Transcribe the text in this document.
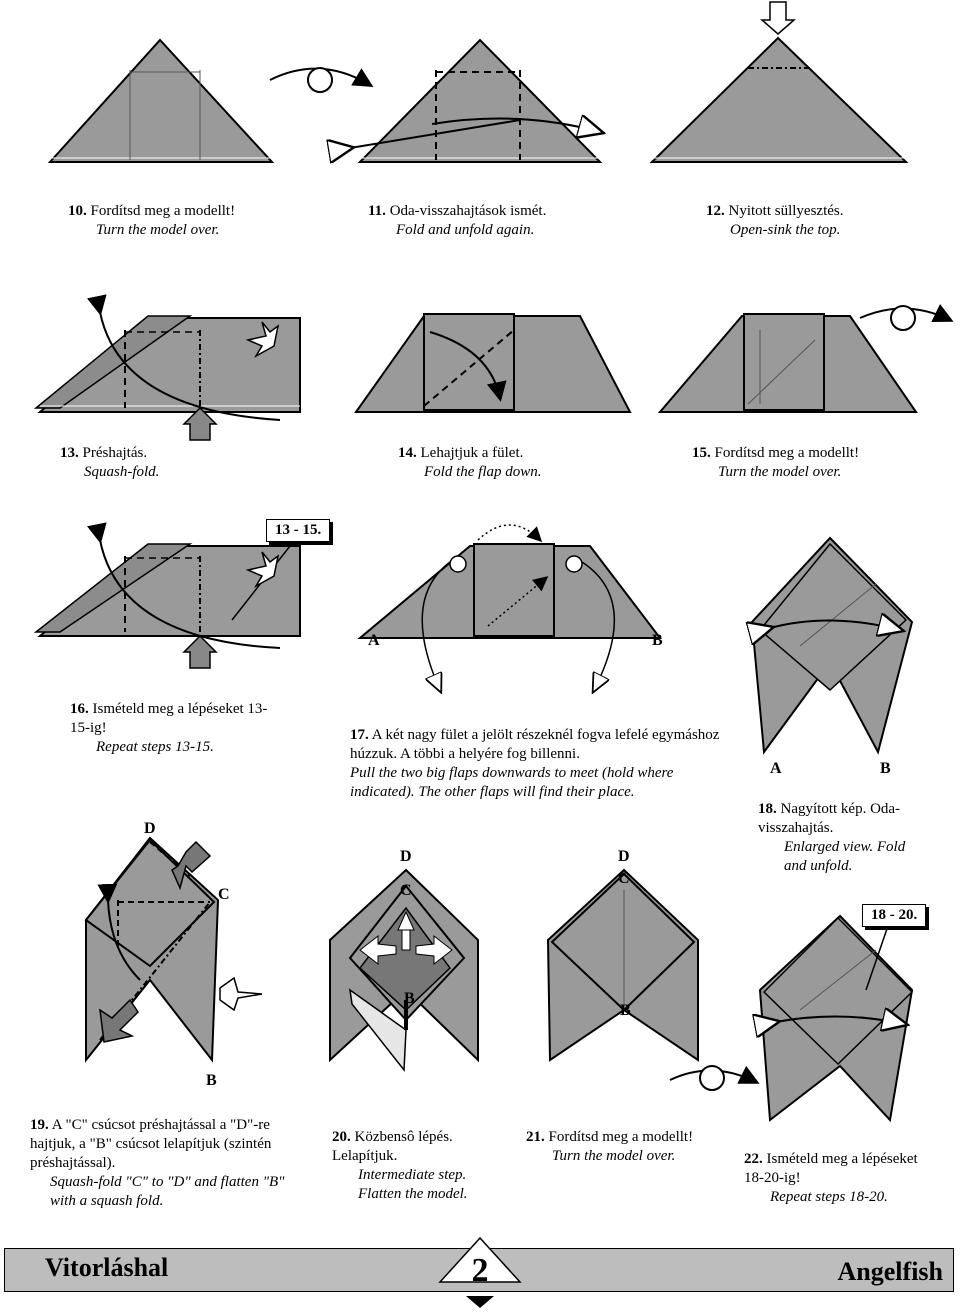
10. Fordítsd meg a modellt!
Turn the model over.
11. Oda-visszahajtások ismét.
Fold and unfold again.
12. Nyitott süllyesztés.
Open-sink the top.
13. Préshajtás.
Squash-fold.
14. Lehajtjuk a fület.
Fold the flap down.
15. Fordítsd meg a modellt!
Turn the model over.
13 - 15.
16. Ismételd meg a lépéseket 13-15-ig!
Repeat steps 13-15.
17. A két nagy fület a jelölt részeknél fogva lefelé egymáshoz húzzuk. A többi a helyére fog billenni.
Pull the two big flaps downwards to meet (hold where indicated). The other flaps will find their place.
18. Nagyított kép. Oda-visszahajtás.
Enlarged view. Fold and unfold.
18 - 20.
19. A "C" csúcsot préshajtással a "D"-re hajtjuk, a "B" csúcsot lelapítjuk (szintén préshajtással).
Squash-fold "C" to "D" and flatten "B" with a squash fold.
20. Közbensô lépés. Lelapítjuk.
Intermediate step. Flatten the model.
21. Fordítsd meg a modellt!
Turn the model over.	22. Ismételd meg a lépéseket 18-20-ig!
Repeat steps 18-20.
A	B
A	B
D
C
B
D
C
B
D
C
B
Vitorláshal	Angelfish
2
